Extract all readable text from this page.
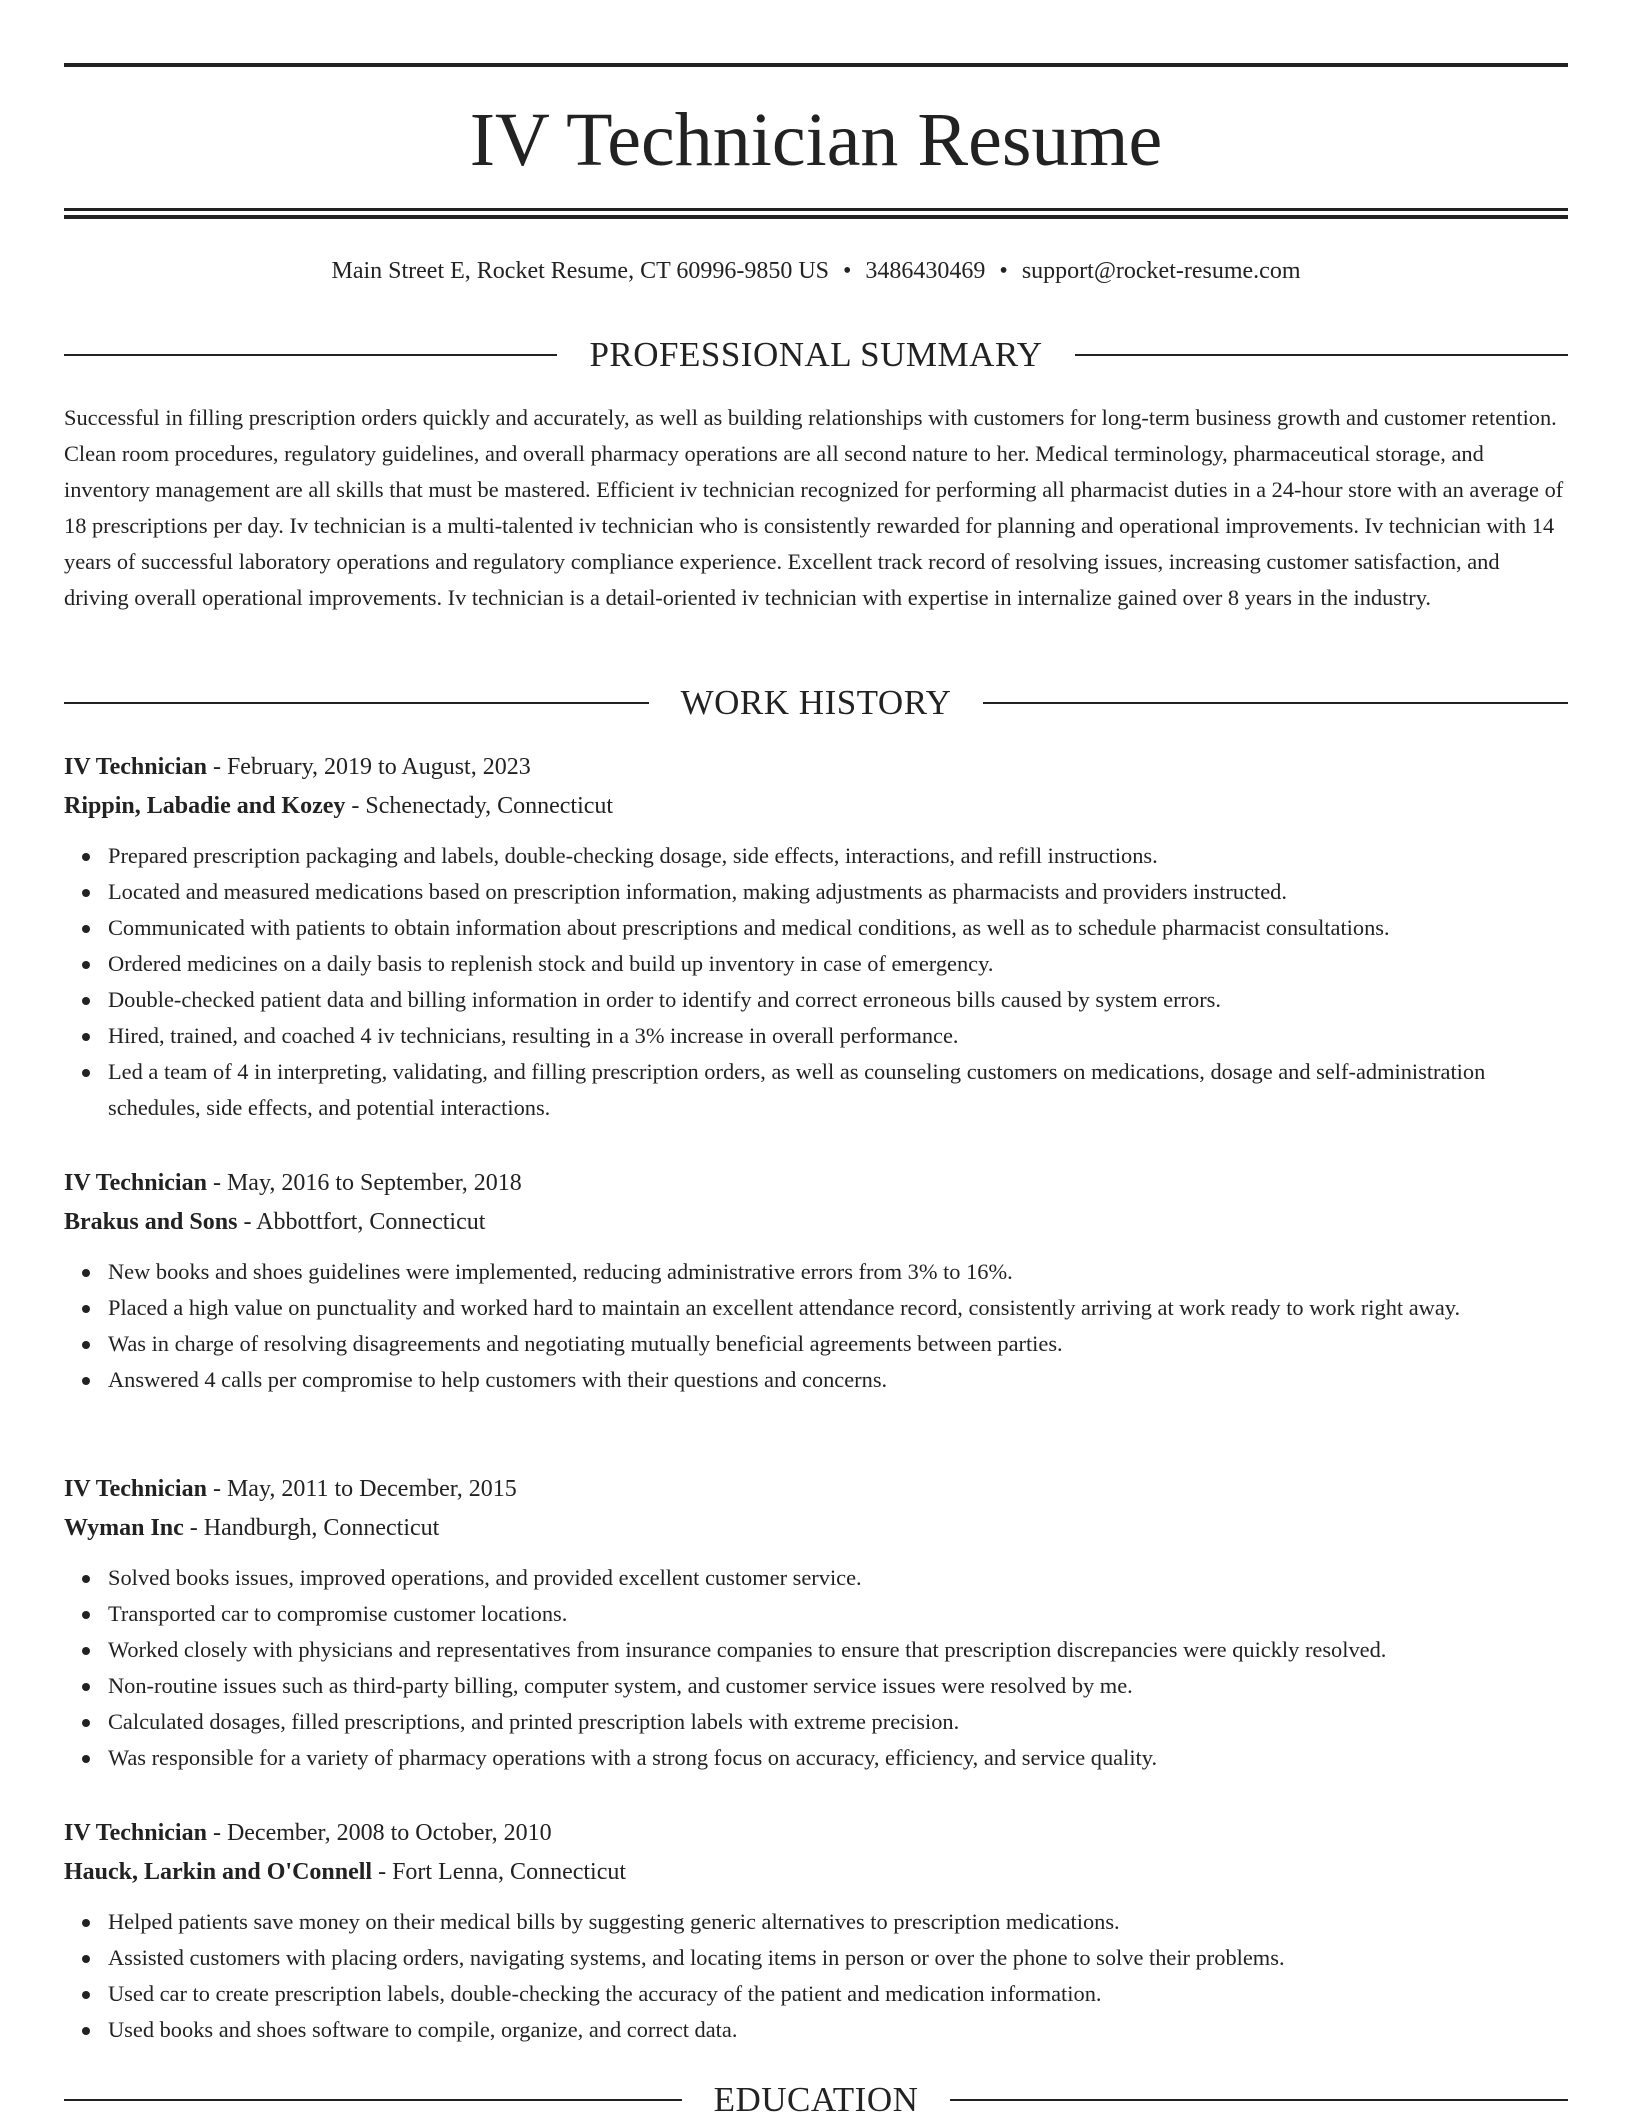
IV Technician Resume
Main Street E, Rocket Resume, CT 60996-9850 US • 3486430469 • support@rocket-resume.com
PROFESSIONAL SUMMARY

Successful in filling prescription orders quickly and accurately, as well as building relationships with customers for long-term business growth and customer retention. Clean room procedures, regulatory guidelines, and overall pharmacy operations are all second nature to her. Medical terminology, pharmaceutical storage, and inventory management are all skills that must be mastered. Efficient iv technician recognized for performing all pharmacist duties in a 24-hour store with an average of 18 prescriptions per day. Iv technician is a multi-talented iv technician who is consistently rewarded for planning and operational improvements. Iv technician with 14 years of successful laboratory operations and regulatory compliance experience. Excellent track record of resolving issues, increasing customer satisfaction, and driving overall operational improvements. Iv technician is a detail-oriented iv technician with expertise in internalize gained over 8 years in the industry.

WORK HISTORY
IV Technician - February, 2019 to August, 2023
Rippin, Labadie and Kozey - Schenectady, Connecticut
Prepared prescription packaging and labels, double-checking dosage, side effects, interactions, and refill instructions.
Located and measured medications based on prescription information, making adjustments as pharmacists and providers instructed.
Communicated with patients to obtain information about prescriptions and medical conditions, as well as to schedule pharmacist consultations.
Ordered medicines on a daily basis to replenish stock and build up inventory in case of emergency.
Double-checked patient data and billing information in order to identify and correct erroneous bills caused by system errors.
Hired, trained, and coached 4 iv technicians, resulting in a 3% increase in overall performance.
Led a team of 4 in interpreting, validating, and filling prescription orders, as well as counseling customers on medications, dosage and self-administration schedules, side effects, and potential interactions.
IV Technician - May, 2016 to September, 2018
Brakus and Sons - Abbottfort, Connecticut
New books and shoes guidelines were implemented, reducing administrative errors from 3% to 16%.
Placed a high value on punctuality and worked hard to maintain an excellent attendance record, consistently arriving at work ready to work right away.
Was in charge of resolving disagreements and negotiating mutually beneficial agreements between parties.
Answered 4 calls per compromise to help customers with their questions and concerns.
IV Technician - May, 2011 to December, 2015
Wyman Inc - Handburgh, Connecticut
Solved books issues, improved operations, and provided excellent customer service.
Transported car to compromise customer locations.
Worked closely with physicians and representatives from insurance companies to ensure that prescription discrepancies were quickly resolved.
Non-routine issues such as third-party billing, computer system, and customer service issues were resolved by me.
Calculated dosages, filled prescriptions, and printed prescription labels with extreme precision.
Was responsible for a variety of pharmacy operations with a strong focus on accuracy, efficiency, and service quality.
IV Technician - December, 2008 to October, 2010
Hauck, Larkin and O'Connell - Fort Lenna, Connecticut
Helped patients save money on their medical bills by suggesting generic alternatives to prescription medications.
Assisted customers with placing orders, navigating systems, and locating items in person or over the phone to solve their problems.
Used car to create prescription labels, double-checking the accuracy of the patient and medication information.
Used books and shoes software to compile, organize, and correct data.
EDUCATION
